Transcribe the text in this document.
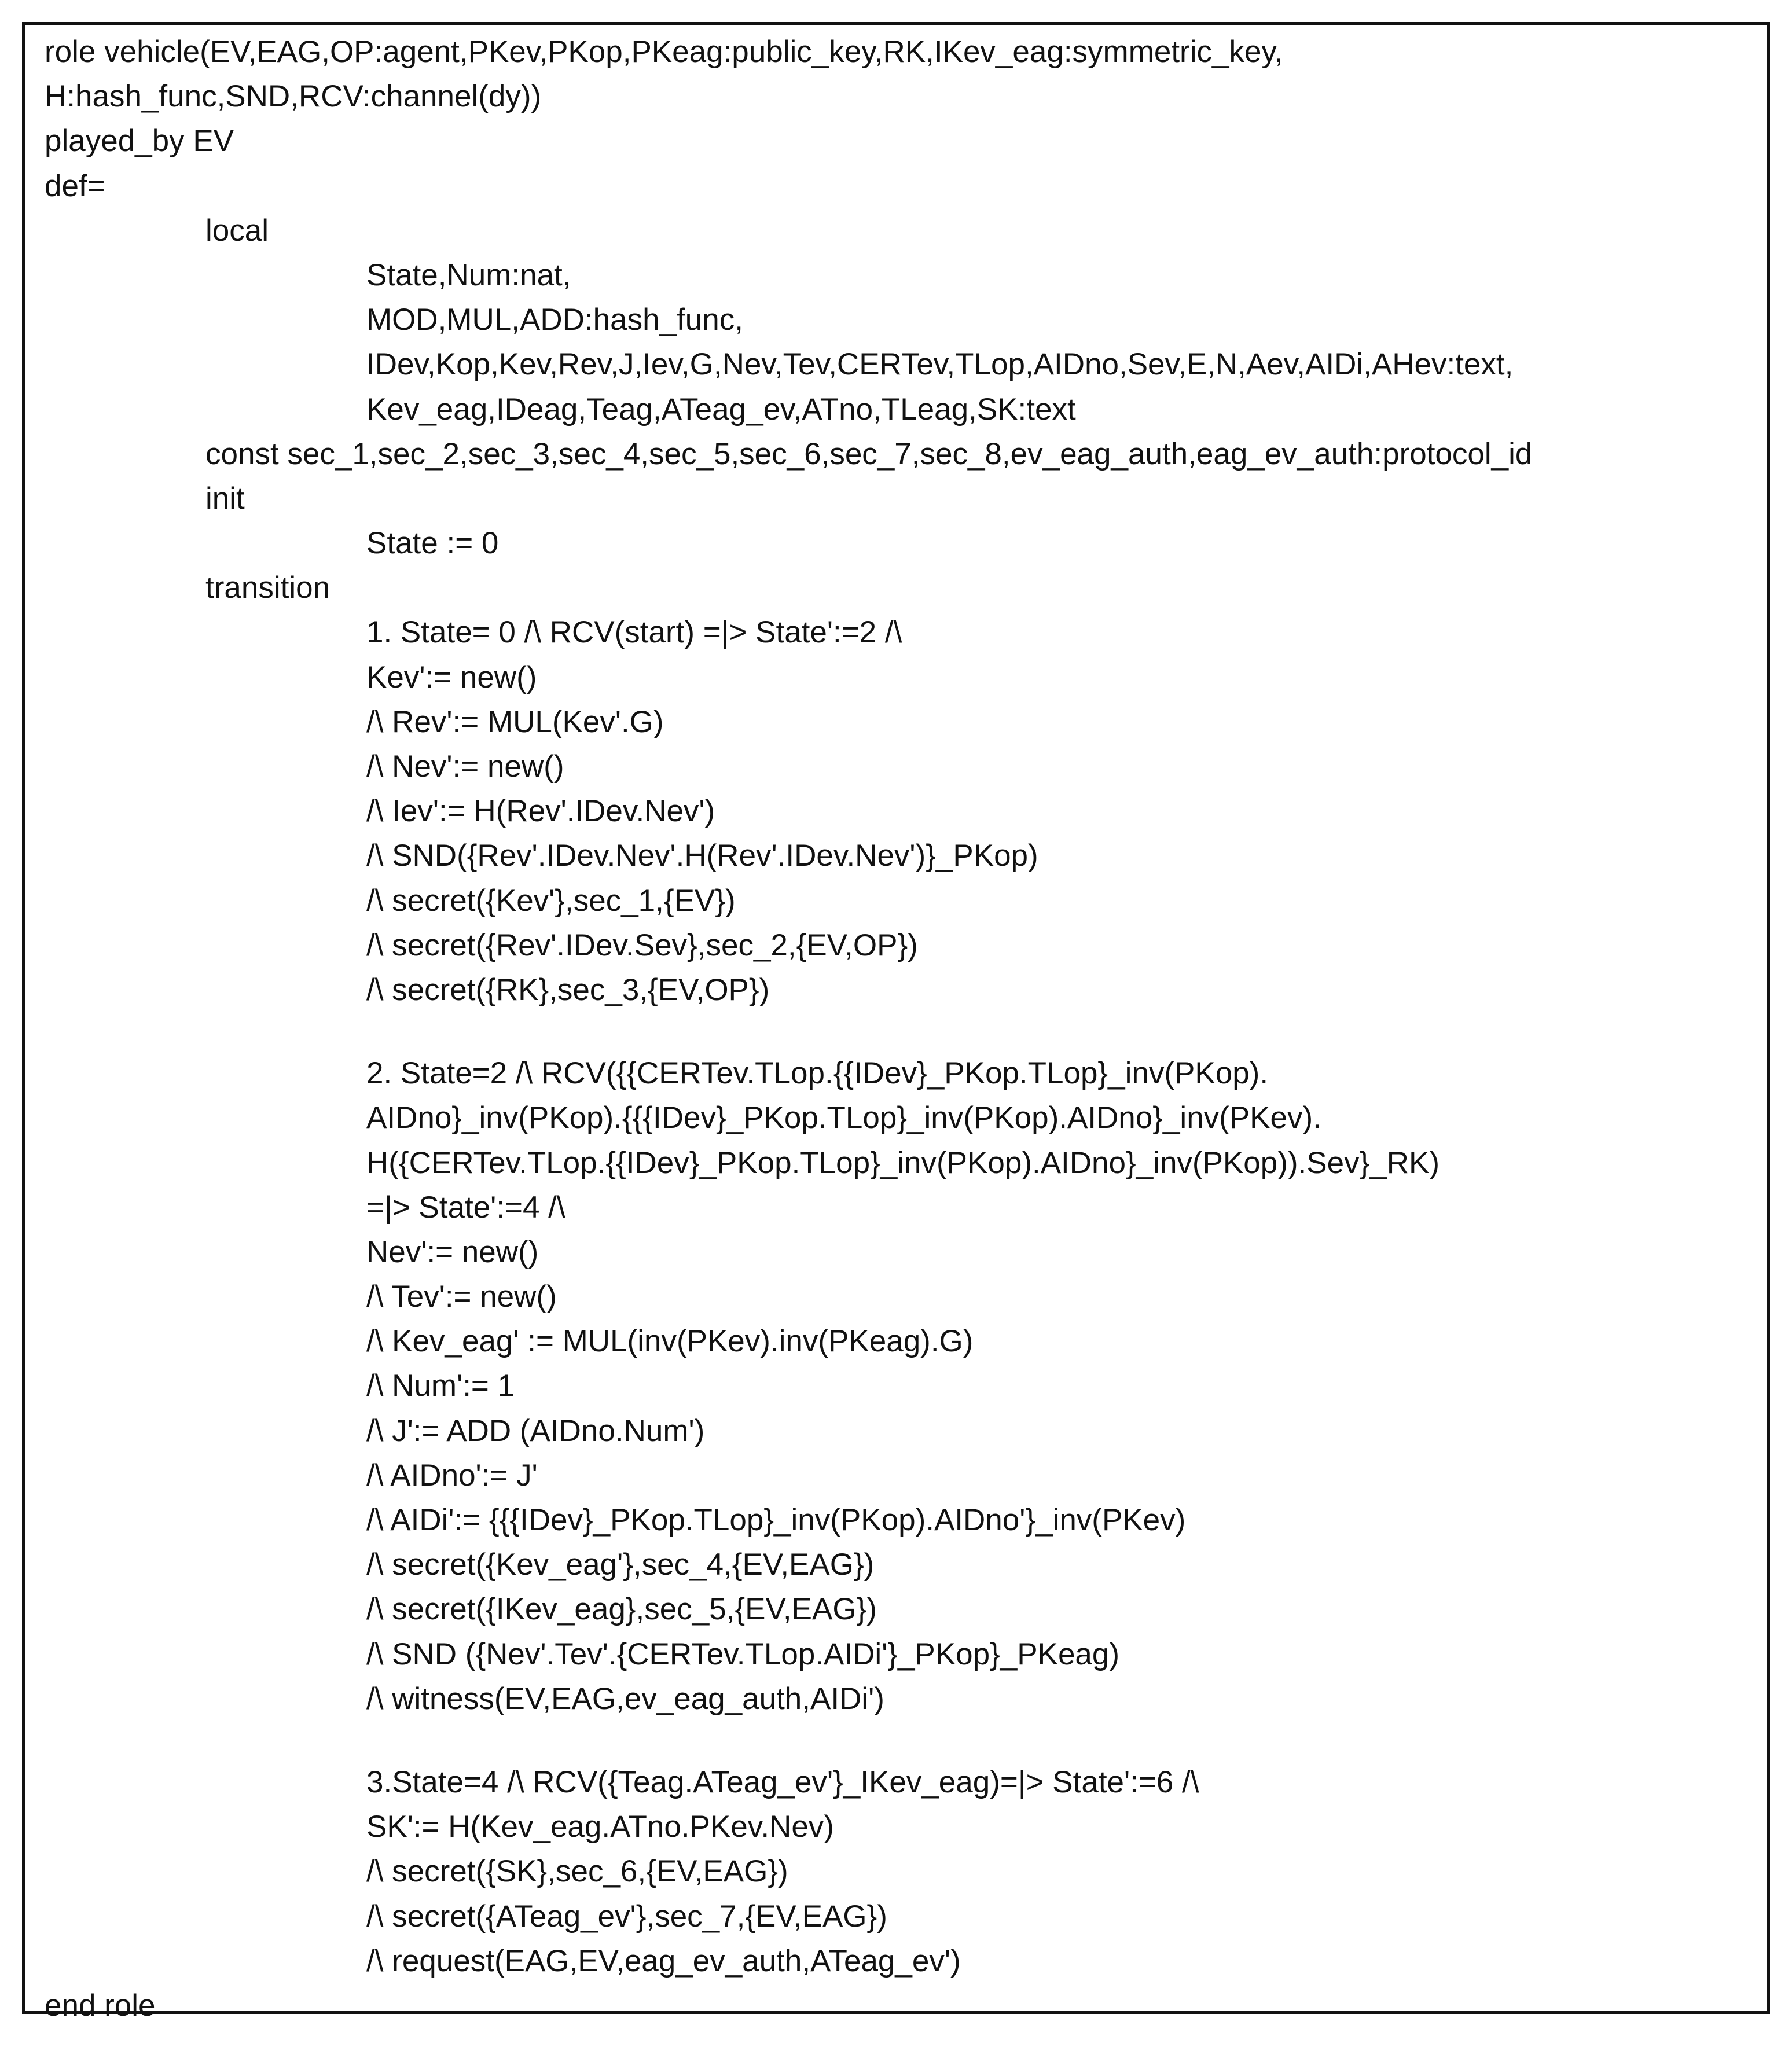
role vehicle(EV,EAG,OP:agent,PKev,PKop,PKeag:public_key,RK,IKev_eag:symmetric_key,
H:hash_func,SND,RCV:channel(dy))
played_by EV
def=
local
State,Num:nat,
MOD,MUL,ADD:hash_func,
IDev,Kop,Kev,Rev,J,Iev,G,Nev,Tev,CERTev,TLop,AIDno,Sev,E,N,Aev,AIDi,AHev:text,
Kev_eag,IDeag,Teag,ATeag_ev,ATno,TLeag,SK:text
const sec_1,sec_2,sec_3,sec_4,sec_5,sec_6,sec_7,sec_8,ev_eag_auth,eag_ev_auth:protocol_id
init
State := 0
transition
1. State= 0 /\ RCV(start) =|> State':=2 /\
Kev':= new()
/\ Rev':= MUL(Kev'.G)
/\ Nev':= new()
/\ Iev':= H(Rev'.IDev.Nev')
/\ SND({Rev'.IDev.Nev'.H(Rev'.IDev.Nev')}_PKop)
/\ secret({Kev'},sec_1,{EV})
/\ secret({Rev'.IDev.Sev},sec_2,{EV,OP})
/\ secret({RK},sec_3,{EV,OP})
2. State=2 /\ RCV({{CERTev.TLop.{{IDev}_PKop.TLop}_inv(PKop).
AIDno}_inv(PKop).{{{IDev}_PKop.TLop}_inv(PKop).AIDno}_inv(PKev).
H({CERTev.TLop.{{IDev}_PKop.TLop}_inv(PKop).AIDno}_inv(PKop)).Sev}_RK)
=|> State':=4 /\
Nev':= new()
/\ Tev':= new()
/\ Kev_eag' := MUL(inv(PKev).inv(PKeag).G)
/\ Num':= 1
/\ J':= ADD (AIDno.Num')
/\ AIDno':= J'
/\ AIDi':= {{{IDev}_PKop.TLop}_inv(PKop).AIDno'}_inv(PKev)
/\ secret({Kev_eag'},sec_4,{EV,EAG})
/\ secret({IKev_eag},sec_5,{EV,EAG})
/\ SND ({Nev'.Tev'.{CERTev.TLop.AIDi'}_PKop}_PKeag)
/\ witness(EV,EAG,ev_eag_auth,AIDi')
3.State=4 /\ RCV({Teag.ATeag_ev'}_IKev_eag)=|> State':=6 /\
SK':= H(Kev_eag.ATno.PKev.Nev)
/\ secret({SK},sec_6,{EV,EAG})
/\ secret({ATeag_ev'},sec_7,{EV,EAG})
/\ request(EAG,EV,eag_ev_auth,ATeag_ev')
end role
